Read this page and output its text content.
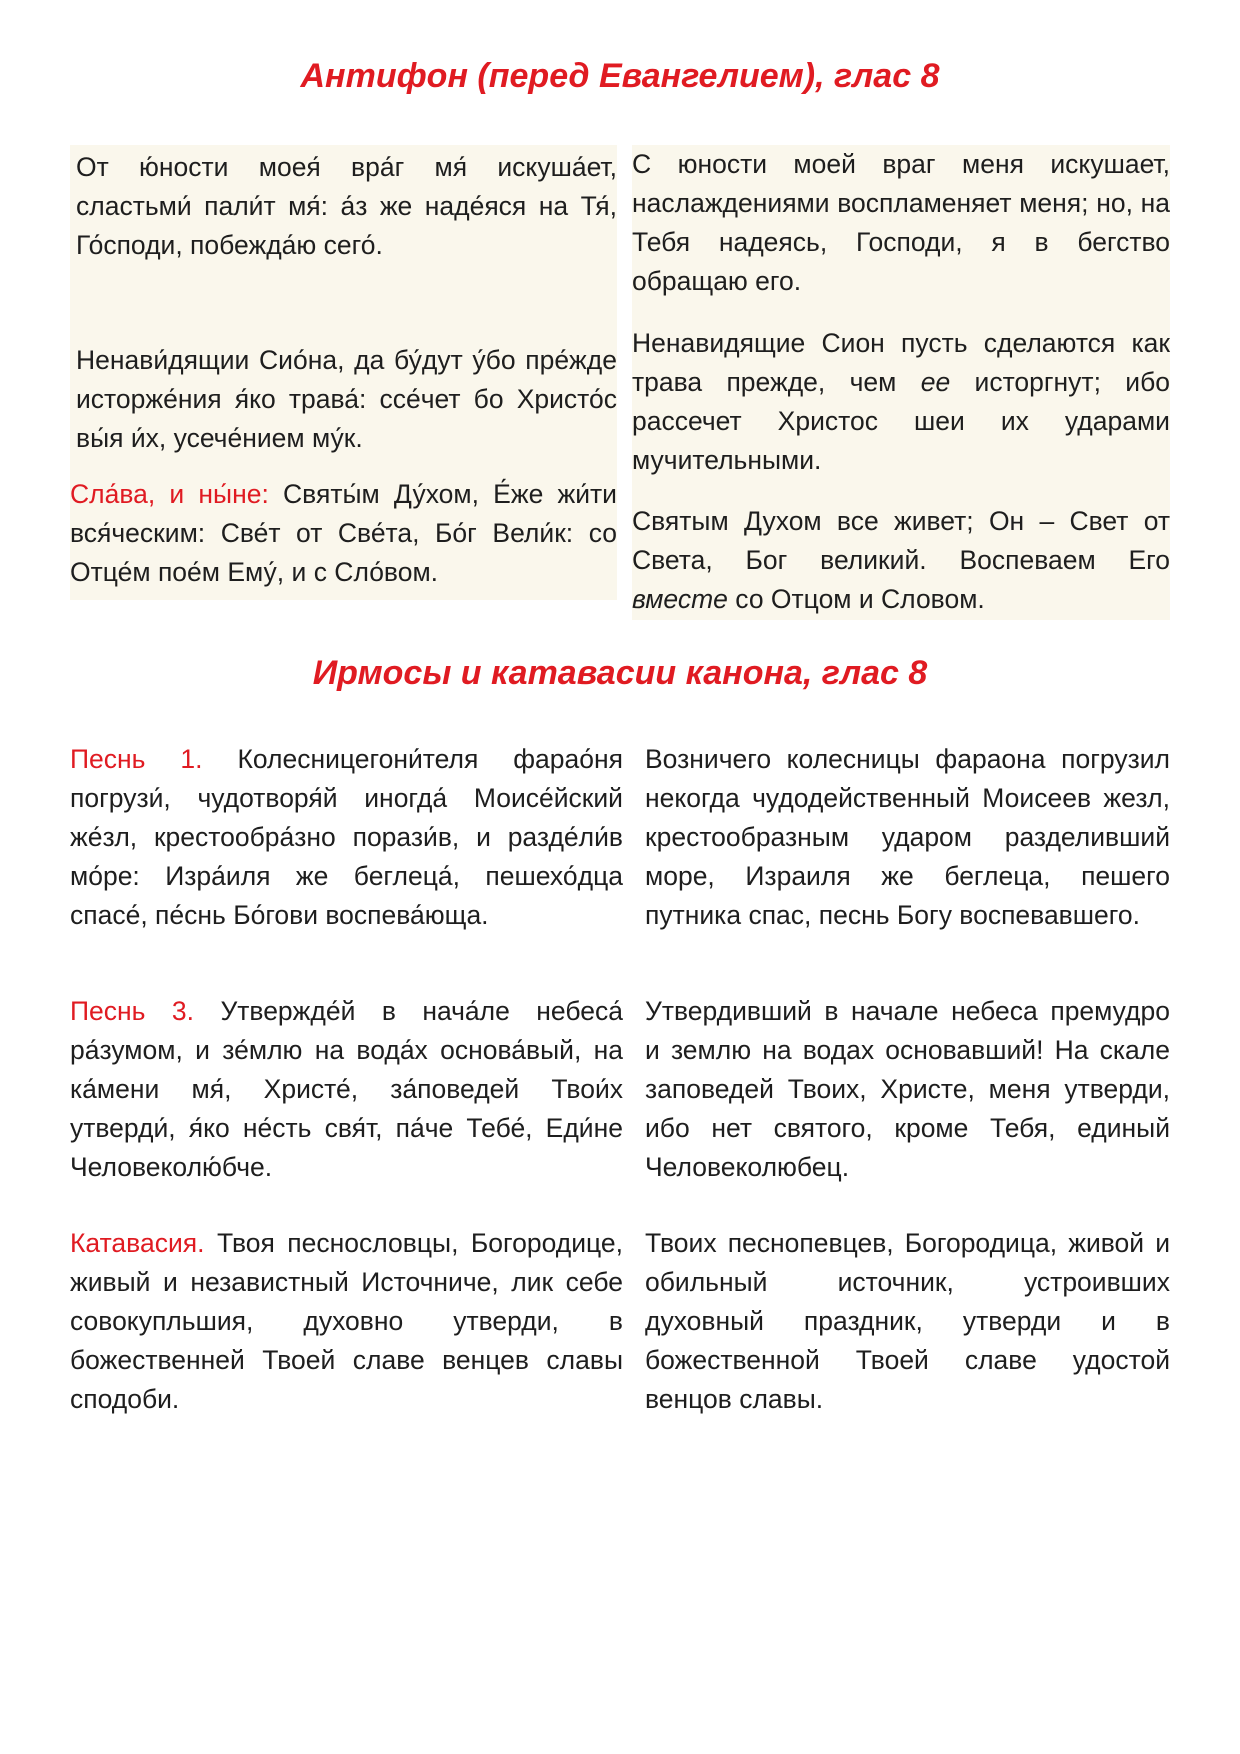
Антифон (перед Евангелием), глас 8

От ю́ности моея́ вра́г мя́ искуша́ет, сластьми́ пали́т мя́: а́з же наде́яся на Тя́, Го́споди, побежда́ю сего́.

Ненави́дящии Сио́на, да бу́дут у́бо пре́жде исторже́ния я́ко трава́: ссе́чет бо Христо́с вы́я и́х, усече́нием му́к.

Сла́ва, и ны́не: Святы́м Ду́хом, Е́же жи́ти вся́ческим: Све́т от Све́та, Бо́г Вели́к: со Отце́м пое́м Ему́, и с Сло́вом.

С юности моей враг меня искушает, наслаждениями воспламеняет меня; но, на Тебя надеясь, Господи, я в бегство обращаю его.

Ненавидящие Сион пусть сделаются как трава прежде, чем ее исторгнут; ибо рассечет Христос шеи их ударами мучительными.

Святым Духом все живет; Он – Свет от Света, Бог великий. Воспеваем Его вместе со Отцом и Словом.

Ирмосы и катавасии канона, глас 8

Песнь 1. Колесницегони́теля фарао́ня погрузи́, чудотворя́й иногда́ Моисе́йский же́зл, крестообра́зно порази́в, и разде́ли́в мо́ре: Изра́иля же беглеца́, пешехо́дца спасе́, пе́снь Бо́гови воспева́юща.

Песнь 3. Утвержде́й в нача́ле небеса́ ра́зумом, и зе́млю на вода́х основа́вый, на ка́мени мя́, Христе́, за́поведей Твои́х утверди́, я́ко не́сть свя́т, па́че Тебе́, Еди́не Человеколю́бче.

Катавасия. Твоя песнословцы, Богородице, живый и независтный Источниче, лик себе совокупльшия, духовно утверди, в божественней Твоей славе венцев славы сподоби.

Возничего колесницы фараона погрузил некогда чудодейственный Моисеев жезл, крестообразным ударом разделивший море, Израиля же беглеца, пешего путника спас, песнь Богу воспевавшего.

Утвердивший в начале небеса премудро и землю на водах основавший! На скале заповедей Твоих, Христе, меня утверди, ибо нет святого, кроме Тебя, единый Человеколюбец.

Твоих песнопевцев, Богородица, живой и обильный источник, устроивших духовный праздник, утверди и в божественной Твоей славе удостой венцов славы.
